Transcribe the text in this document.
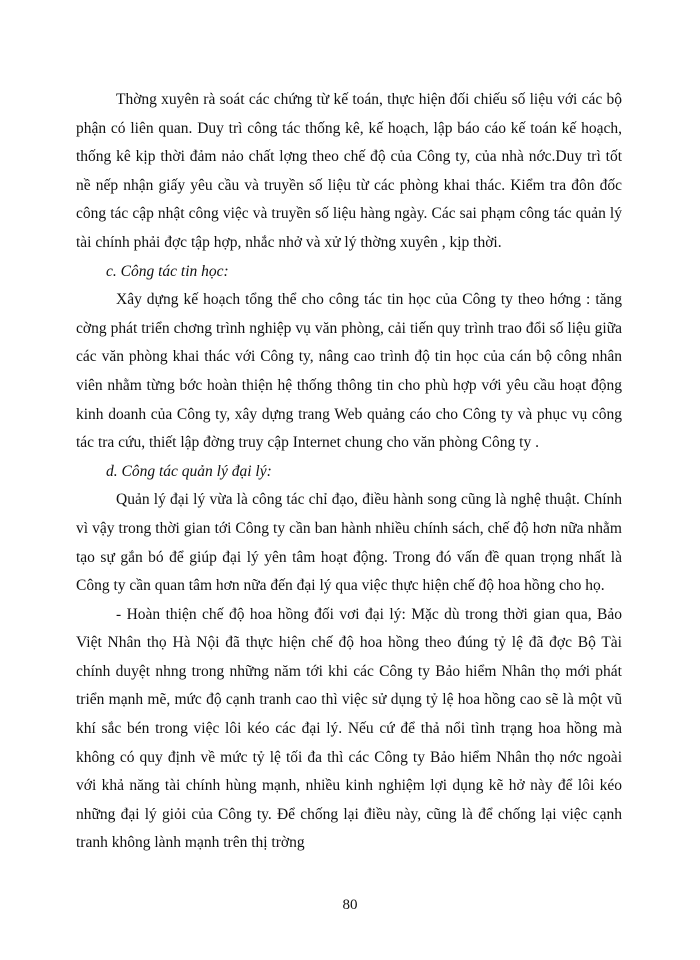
Thờng xuyên rà soát các chứng từ kế toán, thực hiện đối chiếu số liệu với các bộ phận có liên quan. Duy trì công tác thống kê, kế hoạch, lập báo cáo kế toán kế hoạch, thống kê kịp thời đảm nảo chất lợng theo chế độ của Công ty, của nhà nớc.Duy trì tốt nề nếp nhận giấy yêu cầu và truyền số liệu từ các phòng khai thác. Kiểm tra đôn đốc công tác cập nhật công việc và truyền số liệu hàng ngày. Các sai phạm công tác quản lý tài chính phải đợc tập hợp, nhắc nhở và xử lý thờng xuyên , kịp thời.

c. Công tác tin học:

Xây dựng kế hoạch tổng thể cho công tác tin học của Công ty theo hớng : tăng cờng phát triển chơng trình nghiệp vụ văn phòng, cải tiến quy trình trao đổi số liệu giữa các văn phòng khai thác với Công ty, nâng cao trình độ tin học của cán bộ công nhân viên nhằm từng bớc hoàn thiện hệ thống thông tin cho phù hợp với yêu cầu hoạt động kinh doanh của Công ty, xây dựng trang Web quảng cáo cho Công ty và phục vụ công tác tra cứu, thiết lập đờng truy cập Internet chung cho văn phòng Công ty .

d. Công tác quản lý đại lý:

Quản lý đại lý vừa là công tác chỉ đạo, điều hành song cũng là nghệ thuật. Chính vì vậy trong thời gian tới Công ty cần ban hành nhiều chính sách, chế độ hơn nữa nhằm tạo sự gắn bó để giúp đại lý yên tâm hoạt động. Trong đó vấn đề quan trọng nhất là Công ty cần quan tâm hơn nữa đến đại lý qua việc thực hiện chế độ hoa hồng cho họ.

- Hoàn thiện chế độ hoa hồng đối vơi đại lý: Mặc dù trong thời gian qua, Bảo Việt Nhân thọ Hà Nội đã thực hiện chế độ hoa hồng theo đúng tỷ lệ đã đợc Bộ Tài chính duyệt nhng trong những năm tới khi các Công ty Bảo hiểm Nhân thọ mới phát triển mạnh mẽ, mức độ cạnh tranh cao thì việc sử dụng tỷ lệ hoa hồng cao sẽ là một vũ khí sắc bén trong việc lôi kéo các đại lý. Nếu cứ để thả nổi tình trạng hoa hồng mà không có quy định về mức tỷ lệ tối đa thì các Công ty Bảo hiểm Nhân thọ nớc ngoài với khả năng tài chính hùng mạnh, nhiều kinh nghiệm lợi dụng kẽ hở này để lôi kéo những đại lý giỏi của Công ty. Để chống lại điều này, cũng là để chống lại việc cạnh tranh không lành mạnh trên thị trờng

80
